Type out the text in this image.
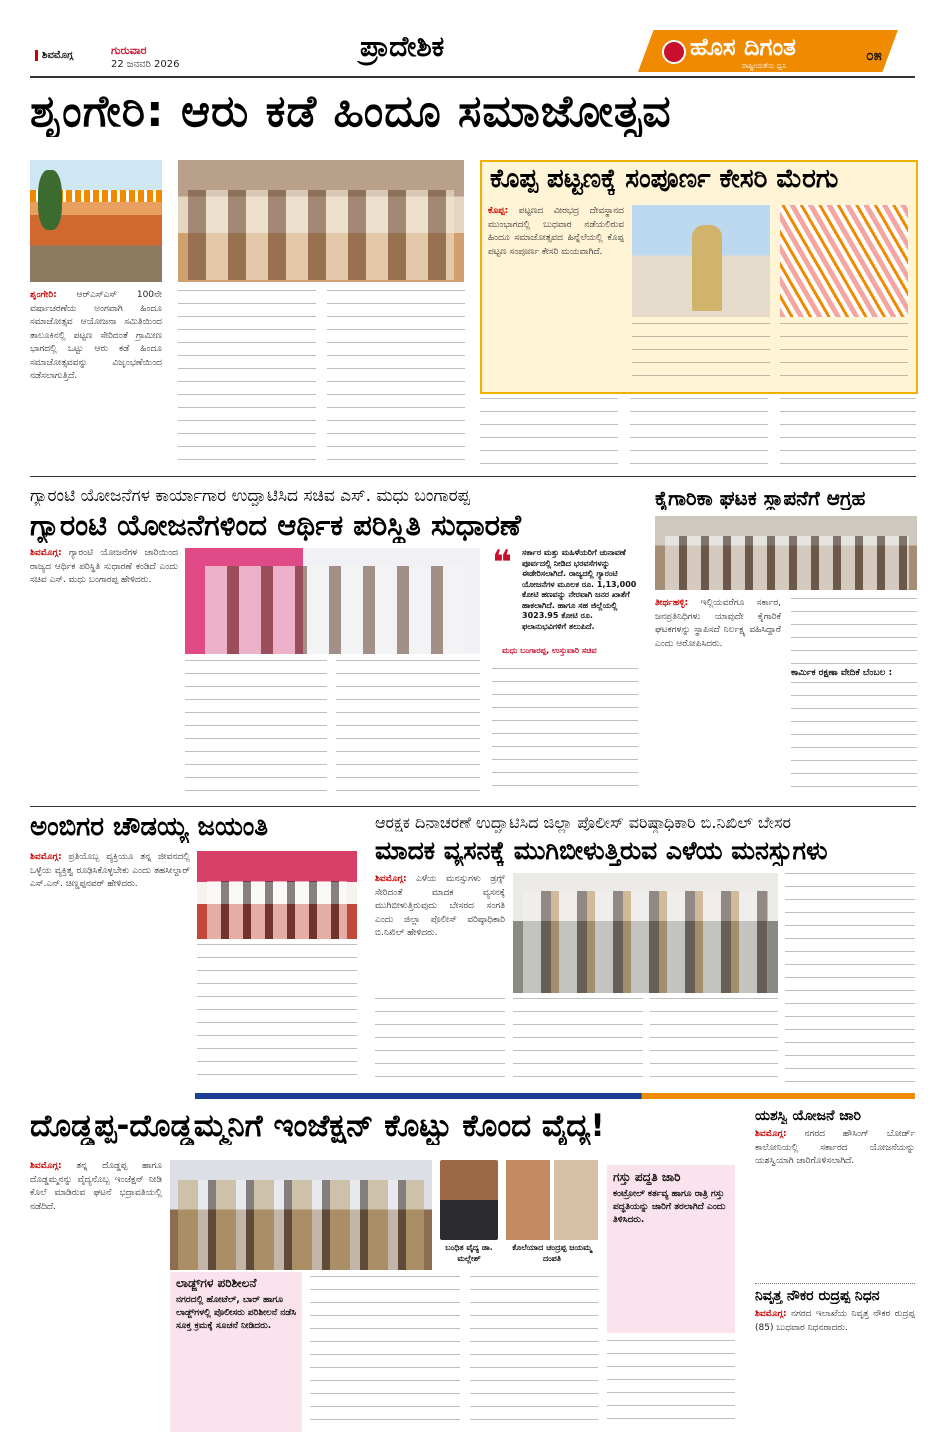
ಶಿವಮೊಗ್ಗ	ಗುರುವಾರ
22 ಜನವರಿ 2026
ಪ್ರಾದೇಶಿಕ	ಹೊಸ ದಿಗಂತ
ರಾಷ್ಟ್ರೀಯತೆಯ ಧ್ವನಿ
೦೫
ಶೃಂಗೇರಿ: ಆರು ಕಡೆ ಹಿಂದೂ ಸಮಾಜೋತ್ಸವ
ಶೃಂಗೇರಿ: ಆರ್‌ಎಸ್‌ಎಸ್ 100ನೇ ವರ್ಷಾಚರಣೆಯ ಅಂಗವಾಗಿ ಹಿಂದೂ ಸಮಾಜೋತ್ಸವ ಆಯೋಜನಾ ಸಮಿತಿಯಿಂದ ತಾಲೂಕಿನಲ್ಲಿ ಪಟ್ಟಣ ಸೇರಿದಂತೆ ಗ್ರಾಮೀಣ ಭಾಗದಲ್ಲಿ ಒಟ್ಟು ಆರು ಕಡೆ ಹಿಂದೂ ಸಮಾಜೋತ್ಸವವನ್ನು ವಿಜೃಂಭಣೆಯಿಂದ ನಡೆಸಲಾಗುತ್ತಿದೆ.
ಕೊಪ್ಪ ಪಟ್ಟಣಕ್ಕೆ ಸಂಪೂರ್ಣ ಕೇಸರಿ ಮೆರಗು
ಕೊಪ್ಪ: ಪಟ್ಟಣದ ವೀರಭದ್ರ ದೇವಸ್ಥಾನದ ಮುಂಭಾಗದಲ್ಲಿ ಬುಧವಾರ ನಡೆಯಲಿರುವ ಹಿಂದೂ ಸಮಾಜೋತ್ಸವದ ಹಿನ್ನೆಲೆಯಲ್ಲಿ ಕೊಪ್ಪ ಪಟ್ಟಣ ಸಂಪೂರ್ಣ ಕೇಸರಿ ಮಯವಾಗಿದೆ.
ಗ್ಯಾರಂಟಿ ಯೋಜನೆಗಳ ಕಾರ್ಯಾಗಾರ ಉದ್ಘಾಟಿಸಿದ ಸಚಿವ ಎಸ್. ಮಧು ಬಂಗಾರಪ್ಪ
ಗ್ಯಾರಂಟಿ ಯೋಜನೆಗಳಿಂದ ಆರ್ಥಿಕ ಪರಿಸ್ಥಿತಿ ಸುಧಾರಣೆ
ಶಿವಮೊಗ್ಗ: ಗ್ಯಾರಂಟಿ ಯೋಜನೆಗಳ ಜಾರಿಯಿಂದ ರಾಜ್ಯದ ಆರ್ಥಿಕ ಪರಿಸ್ಥಿತಿ ಸುಧಾರಣೆ ಕಂಡಿದೆ ಎಂದು ಸಚಿವ ಎಸ್. ಮಧು ಬಂಗಾರಪ್ಪ ಹೇಳಿದರು.	❝ ಸರ್ಕಾರ ಮತ್ತು ಮಹಿಳೆಯರಿಗೆ ಚುನಾವಣೆ ಪೂರ್ವದಲ್ಲಿ ನೀಡಿದ ಭರವಸೆಗಳನ್ನು ಈಡೇರಿಸಲಾಗಿದೆ. ರಾಜ್ಯದಲ್ಲಿ ಗ್ಯಾರಂಟಿ ಯೋಜನೆಗಳ ಮೂಲಕ ರೂ. 1,13,000 ಕೋಟಿ ಹಣವನ್ನು ನೇರವಾಗಿ ಜನರ ಖಾತೆಗೆ ಹಾಕಲಾಗಿದೆ. ಹಾಗೂ ಸಹ ಜಿಲ್ಲೆಯಲ್ಲಿ 3023.95 ಕೋಟಿ ರೂ. ಫಲಾನುಭವಿಗಳಿಗೆ ತಲುಪಿದೆ.
ಮಧು ಬಂಗಾರಪ್ಪ, ಉಸ್ತುವಾರಿ ಸಚಿವ
ಕೈಗಾರಿಕಾ ಘಟಕ ಸ್ಥಾಪನೆಗೆ ಆಗ್ರಹ
ತೀರ್ಥಹಳ್ಳಿ: ಇಲ್ಲಿಯವರೆಗೂ ಸರ್ಕಾರ, ಜನಪ್ರತಿನಿಧಿಗಳು ಯಾವುದೇ ಕೈಗಾರಿಕೆ ಘಟಕಗಳನ್ನು ಸ್ಥಾಪಿಸದೆ ನಿರ್ಲಕ್ಷ್ಯ ವಹಿಸಿದ್ದಾರೆ ಎಂದು ಆರೋಪಿಸಿದರು.
ಕಾರ್ಮಿಕ ರಕ್ಷಣಾ ವೇದಿಕೆ ಬೆಂಬಲ :
ಅಂಬಿಗರ ಚೌಡಯ್ಯ ಜಯಂತಿ
ಶಿವಮೊಗ್ಗ: ಪ್ರತಿಯೊಬ್ಬ ವ್ಯಕ್ತಿಯೂ ತನ್ನ ಜೀವನದಲ್ಲಿ ಒಳ್ಳೆಯ ವ್ಯಕ್ತಿತ್ವ ರೂಢಿಸಿಕೊಳ್ಳಬೇಕು ಎಂದು ತಹಸೀಲ್ದಾರ್ ಎಸ್.ಎನ್. ಚಿಣ್ಣಪ್ಪನವರ್ ಹೇಳಿದರು.
ಆರಕ್ಷಕ ದಿನಾಚರಣೆ ಉದ್ಘಾಟಿಸಿದ ಜಿಲ್ಲಾ ಪೊಲೀಸ್ ವರಿಷ್ಠಾಧಿಕಾರಿ ಬಿ.ನಿಖಿಲ್ ಬೇಸರ
ಮಾದಕ ವ್ಯಸನಕ್ಕೆ ಮುಗಿಬೀಳುತ್ತಿರುವ ಎಳೆಯ ಮನಸ್ಸುಗಳು
ಶಿವಮೊಗ್ಗ: ಎಳೆಯ ಮನಸ್ಸುಗಳು ಡ್ರಗ್ಸ್ ಸೇರಿದಂತೆ ಮಾದಕ ವ್ಯಸನಕ್ಕೆ ಮುಗಿಬೀಳುತ್ತಿರುವುದು ಬೇಸರದ ಸಂಗತಿ ಎಂದು ಜಿಲ್ಲಾ ಪೊಲೀಸ್ ವರಿಷ್ಠಾಧಿಕಾರಿ ಬಿ.ನಿಖಿಲ್ ಹೇಳಿದರು.
ದೊಡ್ಡಪ್ಪ-ದೊಡ್ಡಮ್ಮನಿಗೆ ಇಂಜೆಕ್ಷನ್ ಕೊಟ್ಟು ಕೊಂದ ವೈದ್ಯ!
ಶಿವಮೊಗ್ಗ: ತನ್ನ ದೊಡ್ಡಪ್ಪ ಹಾಗೂ ದೊಡ್ಡಮ್ಮನನ್ನು ವೈದ್ಯನೊಬ್ಬ ಇಂಜೆಕ್ಷನ್ ನೀಡಿ ಕೊಲೆ ಮಾಡಿರುವ ಘಟನೆ ಭದ್ರಾವತಿಯಲ್ಲಿ ನಡೆದಿದೆ.
ಬಂಧಿತ ವೈದ್ಯ ಡಾ. ಮಲ್ಲೇಶ್
ಕೊಲೆಯಾದ ಚಂದ್ರಪ್ಪ ಜಯಮ್ಮ ದಂಪತಿ
ಲಾಡ್ಜ್‌ಗಳ ಪರಿಶೀಲನೆ
ನಗರದಲ್ಲಿ ಹೋಟೆಲ್, ಬಾರ್ ಹಾಗೂ ಲಾಡ್ಜ್‌ಗಳಲ್ಲಿ ಪೊಲೀಸರು ಪರಿಶೀಲನೆ ನಡೆಸಿ ಸೂಕ್ತ ಕ್ರಮಕ್ಕೆ ಸೂಚನೆ ನೀಡಿದರು.
ಗಸ್ತು ಪದ್ಧತಿ ಜಾರಿ
ಕಂಟ್ರೋಲ್ ಕರ್ತವ್ಯ ಹಾಗೂ ರಾತ್ರಿ ಗಸ್ತು ಪದ್ಧತಿಯನ್ನು ಜಾರಿಗೆ ತರಲಾಗಿದೆ ಎಂದು ತಿಳಿಸಿದರು.
ಯಶಸ್ವಿ ಯೋಜನೆ ಜಾರಿ
ಶಿವಮೊಗ್ಗ: ನಗರದ ಹೌಸಿಂಗ್ ಬೋರ್ಡ್ ಕಾಲೋನಿಯಲ್ಲಿ ಸರ್ಕಾರದ ಯೋಜನೆಯನ್ನು ಯಶಸ್ವಿಯಾಗಿ ಜಾರಿಗೊಳಿಸಲಾಗಿದೆ.
ನಿವೃತ್ತ ನೌಕರ ರುದ್ರಪ್ಪ ನಿಧನ
ಶಿವಮೊಗ್ಗ: ನಗರದ ಇಲಾಖೆಯ ನಿವೃತ್ತ ನೌಕರ ರುದ್ರಪ್ಪ (85) ಬುಧವಾರ ನಿಧನರಾದರು.
